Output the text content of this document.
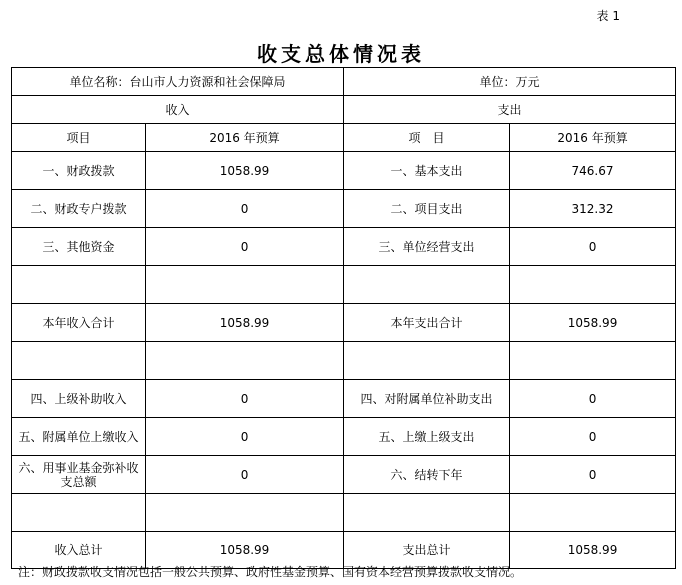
表 1
收支总体情况表
单位名称：台山市人力资源和社会保障局		单位：万元	
收入		支出	
项目	2016 年预算	项　目	2016 年预算
一、财政拨款	1058.99	一、基本支出	746.67
二、财政专户拨款	0	二、项目支出	312.32
三、其他资金	0	三、单位经营支出	0

本年收入合计	1058.99	本年支出合计	1058.99

四、上级补助收入	0	四、对附属单位补助支出	0
五、附属单位上缴收入	0	五、上缴上级支出	0
六、用事业基金弥补收支总额	0	六、结转下年	0

收入总计	1058.99	支出总计	1058.99
注：财政拨款收支情况包括一般公共预算、政府性基金预算、国有资本经营预算拨款收支情况。
